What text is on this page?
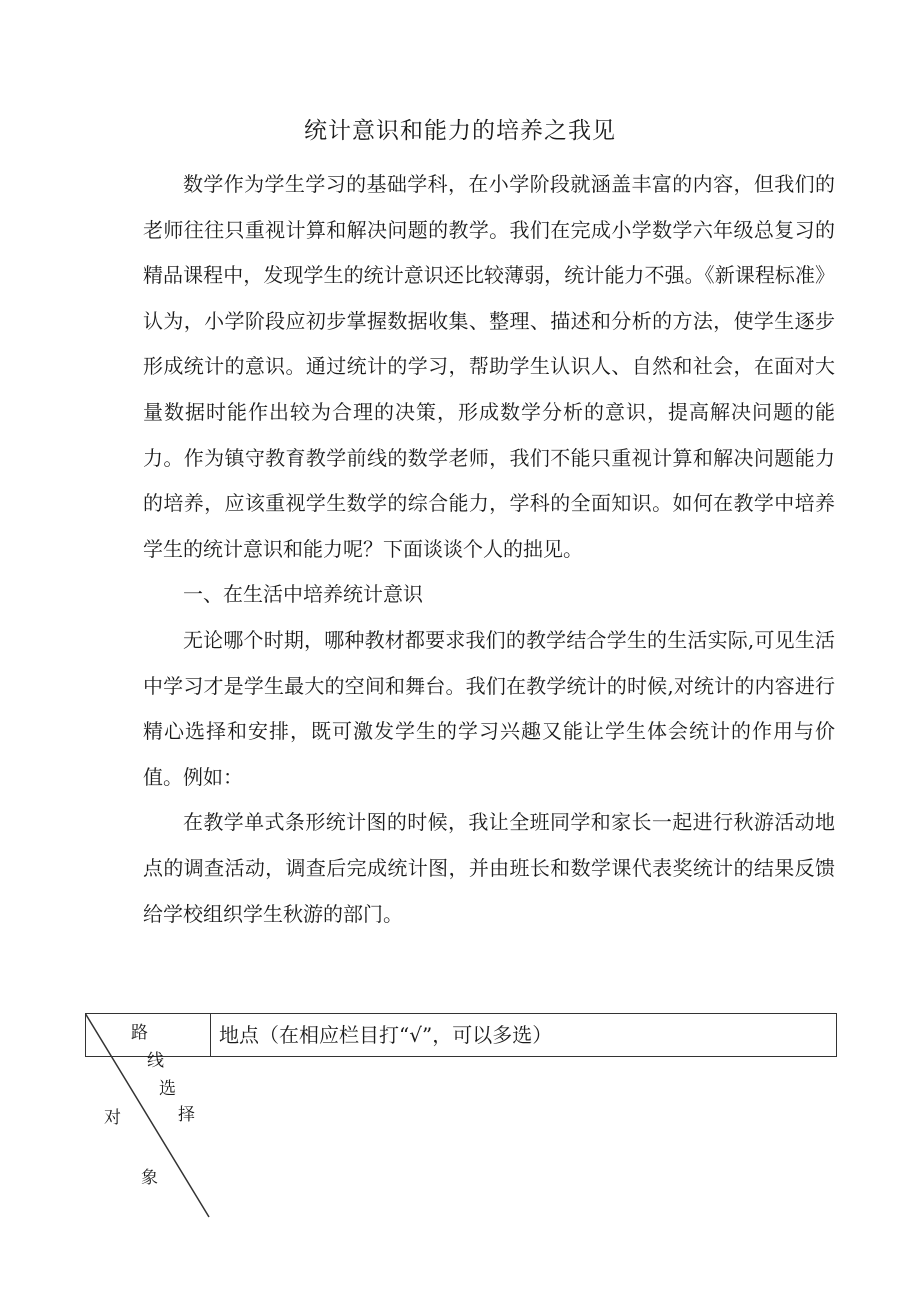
统计意识和能力的培养之我见

数学作为学生学习的基础学科，在小学阶段就涵盖丰富的内容，但我们的老师往往只重视计算和解决问题的教学。我们在完成小学数学六年级总复习的精品课程中，发现学生的统计意识还比较薄弱，统计能力不强。《新课程标准》认为，小学阶段应初步掌握数据收集、整理、描述和分析的方法，使学生逐步形成统计的意识。通过统计的学习，帮助学生认识人、自然和社会，在面对大量数据时能作出较为合理的决策，形成数学分析的意识，提高解决问题的能力。作为镇守教育教学前线的数学老师，我们不能只重视计算和解决问题能力的培养，应该重视学生数学的综合能力，学科的全面知识。如何在教学中培养学生的统计意识和能力呢？下面谈谈个人的拙见。

一、在生活中培养统计意识

无论哪个时期，哪种教材都要求我们的教学结合学生的生活实际,可见生活中学习才是学生最大的空间和舞台。我们在教学统计的时候,对统计的内容进行精心选择和安排，既可激发学生的学习兴趣又能让学生体会统计的作用与价值。例如：

在教学单式条形统计图的时候，我让全班同学和家长一起进行秋游活动地点的调查活动，调查后完成统计图，并由班长和数学课代表奖统计的结果反馈给学校组织学生秋游的部门。

地点（在相应栏目打“√”，可以多选）
路
线
选
择
对
象
